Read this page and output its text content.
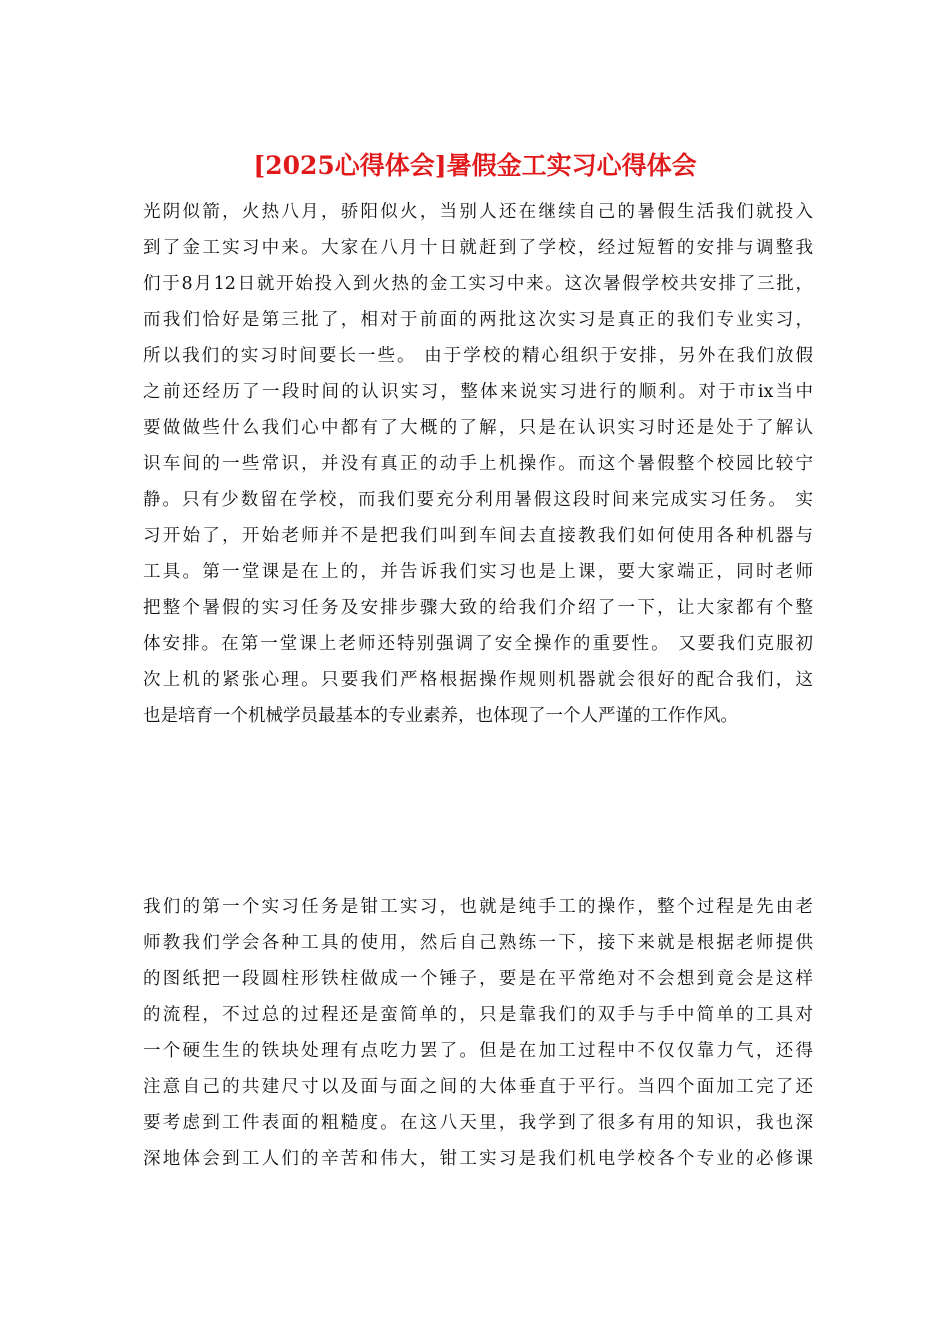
[2025心得体会]暑假金工实习心得体会

光阴似箭，火热八月，骄阳似火，当别人还在继续自己的暑假生活我们就投入

到了金工实习中来。大家在八月十日就赶到了学校，经过短暂的安排与调整我

们于8月12日就开始投入到火热的金工实习中来。这次暑假学校共安排了三批，

而我们恰好是第三批了，相对于前面的两批这次实习是真正的我们专业实习，

所以我们的实习时间要长一些。 由于学校的精心组织于安排，另外在我们放假

之前还经历了一段时间的认识实习，整体来说实习进行的顺利。对于市ix当中

要做做些什么我们心中都有了大概的了解，只是在认识实习时还是处于了解认

识车间的一些常识，并没有真正的动手上机操作。而这个暑假整个校园比较宁

静。只有少数留在学校，而我们要充分利用暑假这段时间来完成实习任务。 实

习开始了，开始老师并不是把我们叫到车间去直接教我们如何使用各种机器与

工具。第一堂课是在上的，并告诉我们实习也是上课，要大家端正，同时老师

把整个暑假的实习任务及安排步骤大致的给我们介绍了一下，让大家都有个整

体安排。在第一堂课上老师还特别强调了安全操作的重要性。 又要我们克服初

次上机的紧张心理。只要我们严格根据操作规则机器就会很好的配合我们，这

也是培育一个机械学员最基本的专业素养，也体现了一个人严谨的工作作风。

我们的第一个实习任务是钳工实习，也就是纯手工的操作，整个过程是先由老

师教我们学会各种工具的使用，然后自己熟练一下，接下来就是根据老师提供

的图纸把一段圆柱形铁柱做成一个锤子，要是在平常绝对不会想到竟会是这样

的流程，不过总的过程还是蛮简单的，只是靠我们的双手与手中简单的工具对

一个硬生生的铁块处理有点吃力罢了。但是在加工过程中不仅仅靠力气，还得

注意自己的共建尺寸以及面与面之间的大体垂直于平行。当四个面加工完了还

要考虑到工件表面的粗糙度。在这八天里，我学到了很多有用的知识，我也深

深地体会到工人们的辛苦和伟大，钳工实习是我们机电学校各个专业的必修课
